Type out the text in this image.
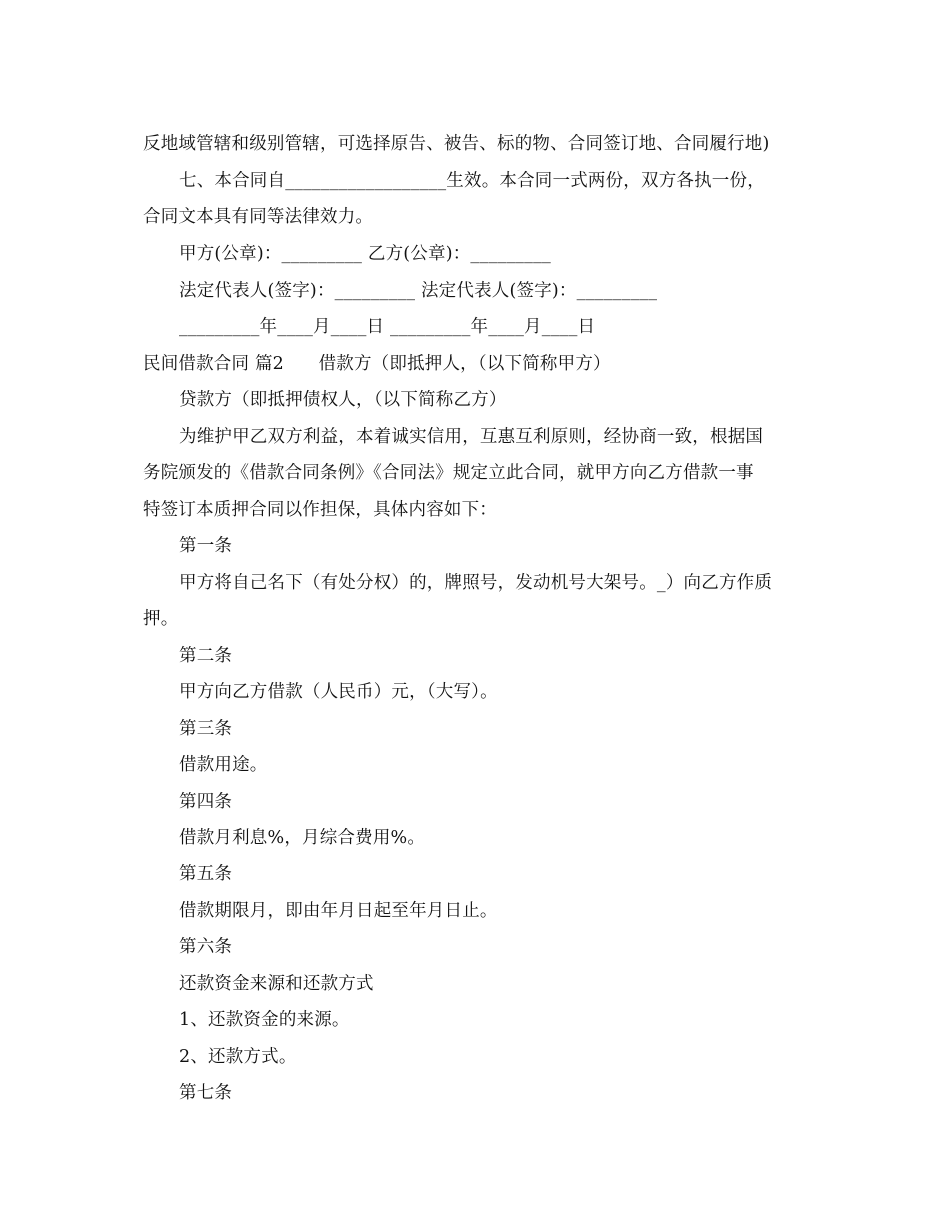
反地域管辖和级别管辖，可选择原告、被告、标的物、合同签订地、合同履行地)
七、本合同自__________________生效。本合同一式两份，双方各执一份，
合同文本具有同等法律效力。
甲方(公章)：_________ 乙方(公章)：_________
法定代表人(签字)：_________ 法定代表人(签字)：_________
_________年____月____日 _________年____月____日
民间借款合同 篇2      借款方（即抵押人，（以下简称甲方）
贷款方（即抵押债权人，（以下简称乙方）
为维护甲乙双方利益，本着诚实信用，互惠互利原则，经协商一致，根据国
务院颁发的《借款合同条例》《合同法》规定立此合同，就甲方向乙方借款一事
特签订本质押合同以作担保，具体内容如下：
第一条
甲方将自己名下（有处分权）的，牌照号，发动机号大架号。_）向乙方作质
押。
第二条
甲方向乙方借款（人民币）元，（大写）。
第三条
借款用途。
第四条
借款月利息%，月综合费用%。
第五条
借款期限月，即由年月日起至年月日止。
第六条
还款资金来源和还款方式
1、还款资金的来源。
2、还款方式。
第七条
